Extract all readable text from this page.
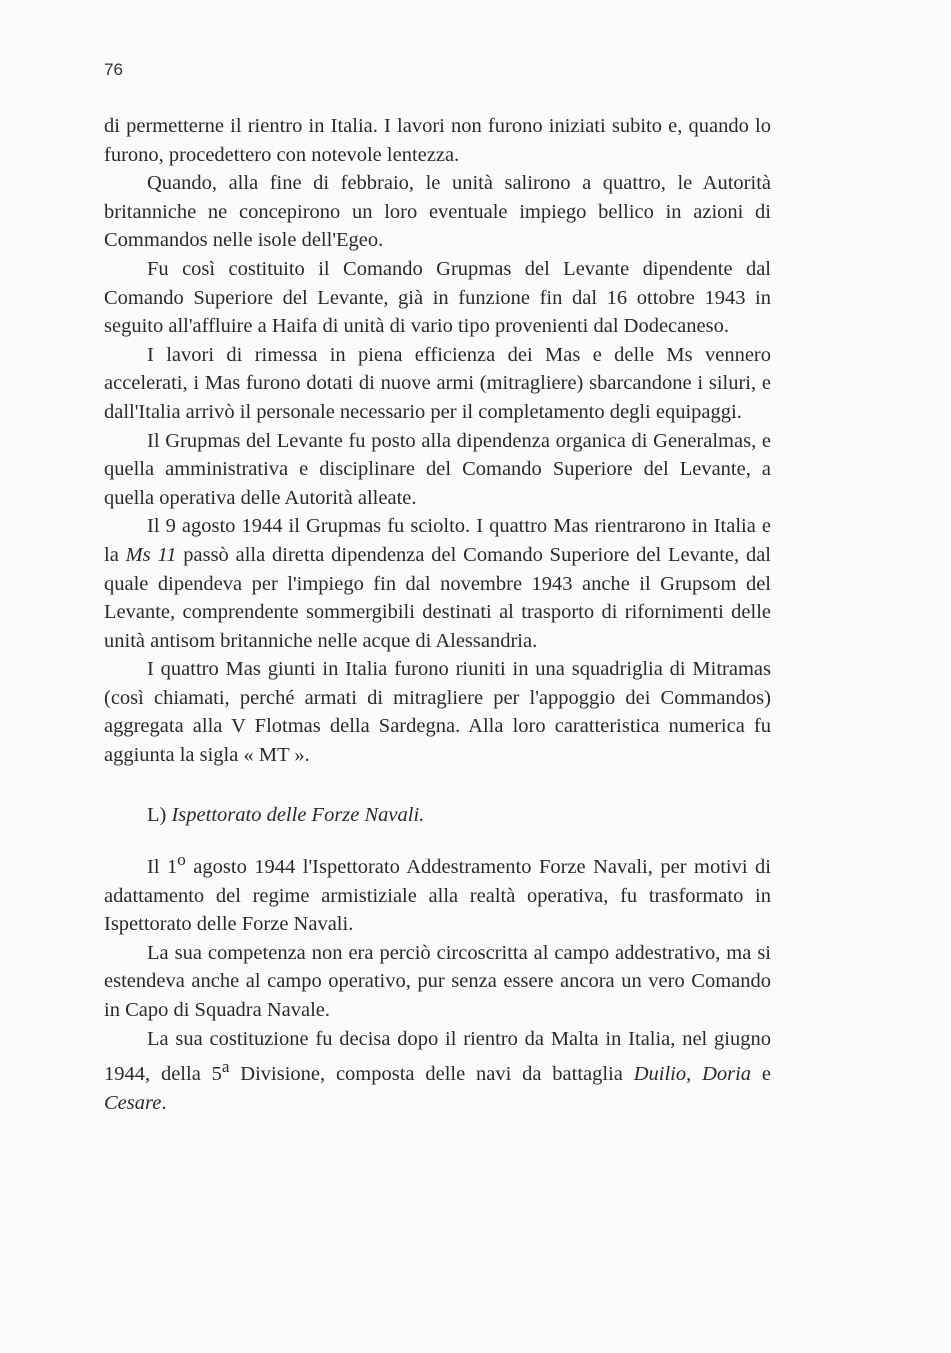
76

di permetterne il rientro in Italia. I lavori non furono iniziati subito e, quando lo furono, procedettero con notevole lentezza.

Quando, alla fine di febbraio, le unità salirono a quattro, le Autorità britanniche ne concepirono un loro eventuale impiego bellico in azioni di Commandos nelle isole dell'Egeo.

Fu così costituito il Comando Grupmas del Levante dipendente dal Comando Superiore del Levante, già in funzione fin dal 16 ottobre 1943 in seguito all'affluire a Haifa di unità di vario tipo provenienti dal Dodecaneso.

I lavori di rimessa in piena efficienza dei Mas e delle Ms vennero accelerati, i Mas furono dotati di nuove armi (mitragliere) sbarcandone i siluri, e dall'Italia arrivò il personale necessario per il completamento degli equipaggi.

Il Grupmas del Levante fu posto alla dipendenza organica di Generalmas, e quella amministrativa e disciplinare del Comando Superiore del Levante, a quella operativa delle Autorità alleate.

Il 9 agosto 1944 il Grupmas fu sciolto. I quattro Mas rientrarono in Italia e la Ms 11 passò alla diretta dipendenza del Comando Superiore del Levante, dal quale dipendeva per l'impiego fin dal novembre 1943 anche il Grupsom del Levante, comprendente sommergibili destinati al trasporto di rifornimenti delle unità antisom britanniche nelle acque di Alessandria.

I quattro Mas giunti in Italia furono riuniti in una squadriglia di Mitramas (così chiamati, perché armati di mitragliere per l'appoggio dei Commandos) aggregata alla V Flotmas della Sardegna. Alla loro caratteristica numerica fu aggiunta la sigla « MT ».

L) Ispettorato delle Forze Navali.

Il 1$^o$ agosto 1944 l'Ispettorato Addestramento Forze Navali, per motivi di adattamento del regime armistiziale alla realtà operativa, fu trasformato in Ispettorato delle Forze Navali.

La sua competenza non era perciò circoscritta al campo addestrativo, ma si estendeva anche al campo operativo, pur senza essere ancora un vero Comando in Capo di Squadra Navale.

La sua costituzione fu decisa dopo il rientro da Malta in Italia, nel giugno 1944, della 5$^a$ Divisione, composta delle navi da battaglia Duilio, Doria e Cesare.
